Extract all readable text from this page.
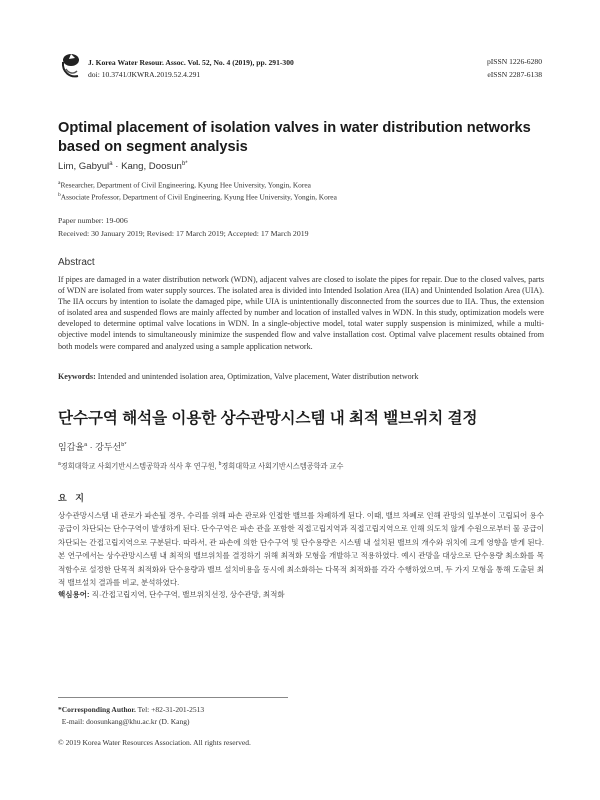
J. Korea Water Resour. Assoc. Vol. 52, No. 4 (2019), pp. 291-300
doi: 10.3741/JKWRA.2019.52.4.291
pISSN 1226-6280
eISSN 2287-6138
Optimal placement of isolation valves in water distribution networks based on segment analysis
Lim, Gabyul$^a$ · Kang, Doosun$^{b*}$
$^a$Researcher, Department of Civil Engineering, Kyung Hee University, Yongin, Korea
$^b$Associate Professor, Department of Civil Engineering, Kyung Hee University, Yongin, Korea
Paper number: 19-006
Received: 30 January 2019; Revised: 17 March 2019; Accepted: 17 March 2019
Abstract
If pipes are damaged in a water distribution network (WDN), adjacent valves are closed to isolate the pipes for repair. Due to the closed valves, parts of WDN are isolated from water supply sources. The isolated area is divided into Intended Isolation Area (IIA) and Unintended Isolation Area (UIA). The IIA occurs by intention to isolate the damaged pipe, while UIA is unintentionally disconnected from the sources due to IIA. Thus, the extension of isolated area and suspended flows are mainly affected by number and location of installed valves in WDN. In this study, optimization models were developed to determine optimal valve locations in WDN. In a single-objective model, total water supply suspension is minimized, while a multi-objective model intends to simultaneously minimize the suspended flow and valve installation cost. Optimal valve placement results obtained from both models were compared and analyzed using a sample application network.
Keywords: Intended and unintended isolation area, Optimization, Valve placement, Water distribution network
단수구역 해석을 이용한 상수관망시스템 내 최적 밸브위치 결정
임갑율$^a$ · 강두선$^{b*}$
$^a$경희대학교 사회기반시스템공학과 석사 후 연구원, $^b$경희대학교 사회기반시스템공학과 교수
요 지
상수관망시스템 내 관로가 파손될 경우, 수리를 위해 파손 관로와 인접한 밸브를 차폐하게 된다. 이때, 밸브 차폐로 인해 관망의 일부분이 고립되어 용수공급이 차단되는 단수구역이 발생하게 된다. 단수구역은 파손 관을 포함한 직접고립지역과 직접고립지역으로 인해 의도치 않게 수원으로부터 물 공급이 차단되는 간접고립지역으로 구분된다. 따라서, 관 파손에 의한 단수구역 및 단수용량은 시스템 내 설치된 밸브의 개수와 위치에 크게 영향을 받게 된다. 본 연구에서는 상수관망시스템 내 최적의 밸브위치를 결정하기 위해 최적화 모형을 개발하고 적용하였다. 예시 관망을 대상으로 단수용량 최소화를 목적함수로 설정한 단목적 최적화와 단수용량과 밸브 설치비용을 동시에 최소화하는 다목적 최적화를 각각 수행하였으며, 두 가지 모형을 통해 도출된 최적 밸브설치 결과를 비교, 분석하였다.
핵심용어: 직·간접고립지역, 단수구역, 밸브위치선정, 상수관망, 최적화
*Corresponding Author. Tel: +82-31-201-2513
E-mail: doosunkang@khu.ac.kr (D. Kang)
© 2019 Korea Water Resources Association. All rights reserved.
